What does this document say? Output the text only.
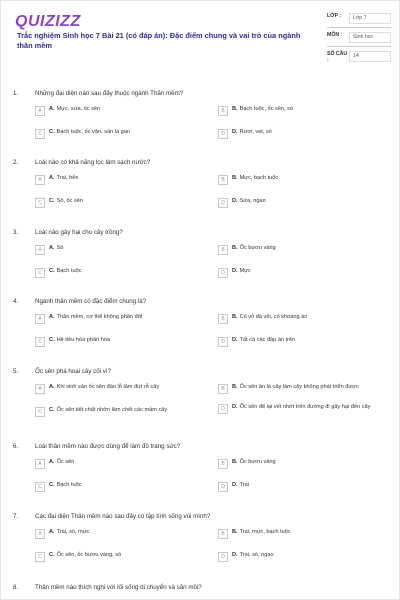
QUIZIZZ
Trắc nghiệm Sinh học 7 Bài 21 (có đáp án): Đặc điểm chung và vai trò của ngành thân mềm
LỚP :	Lớp 7
MÔN :	Sinh học
SỐ CÂU :
14
1.	Những đại diện nào sau đây thuộc ngành Thân mềm?
A	A. Mực, sứa, ốc sên	B	B. Bạch tuộc, ốc sên, sò
C	C. Bạch tuộc, ốc vặn, sán lá gan	D	D. Rươi, vẹt, sò
2.	Loài nào có khả năng lọc làm sạch nước?
A	A. Trai, hến	B	B. Mực, bạch tuộc
C	C. Sò, ốc sên	D	D. Sứa, ngao
3.	Loài nào gây hại cho cây trồng?
A	A. Sò	B	B. Ốc bươu vàng
C	C. Bạch tuộc	D	D. Mực
4.	Ngành thân mềm có đặc điểm chung là?
A	A. Thân mềm, cơ thể không phân đốt	B	B. Có vỏ đá vôi, có khoang áo
C	C. Hệ tiêu hóa phân hóa	D	D. Tất cả các đáp án trên
5.	Ốc sên phá hoại cây cối vì?
A	A. Khi sinh sản ốc sên đào lỗ làm đứt rễ cây	B	B. Ốc sên ăn lá cây làm cây không phát triển được
C	C. Ốc sên tiết chất nhờn làm chết các mầm cây	D	D. Ốc sên để lại vết nhớt trên đường đi gây hại đến cây
6.	Loài thân mềm nào được dùng để làm đồ trang sức?
A	A. Ốc sên	B	B. Ốc bươu vàng
C	C. Bạch tuộc	D	D. Trai
7.	Các đại diện Thân mềm nào sau đây có tập tính sống vùi mình?
A	A. Trai, sò, mực	B	B. Trai, mực, bạch tuộc
C	C. Ốc sên, ốc bươu vàng, sò	D	D. Trai, sò, ngao
8.	Thân mềm nào thích nghi với lối sống di chuyển và săn mồi?
